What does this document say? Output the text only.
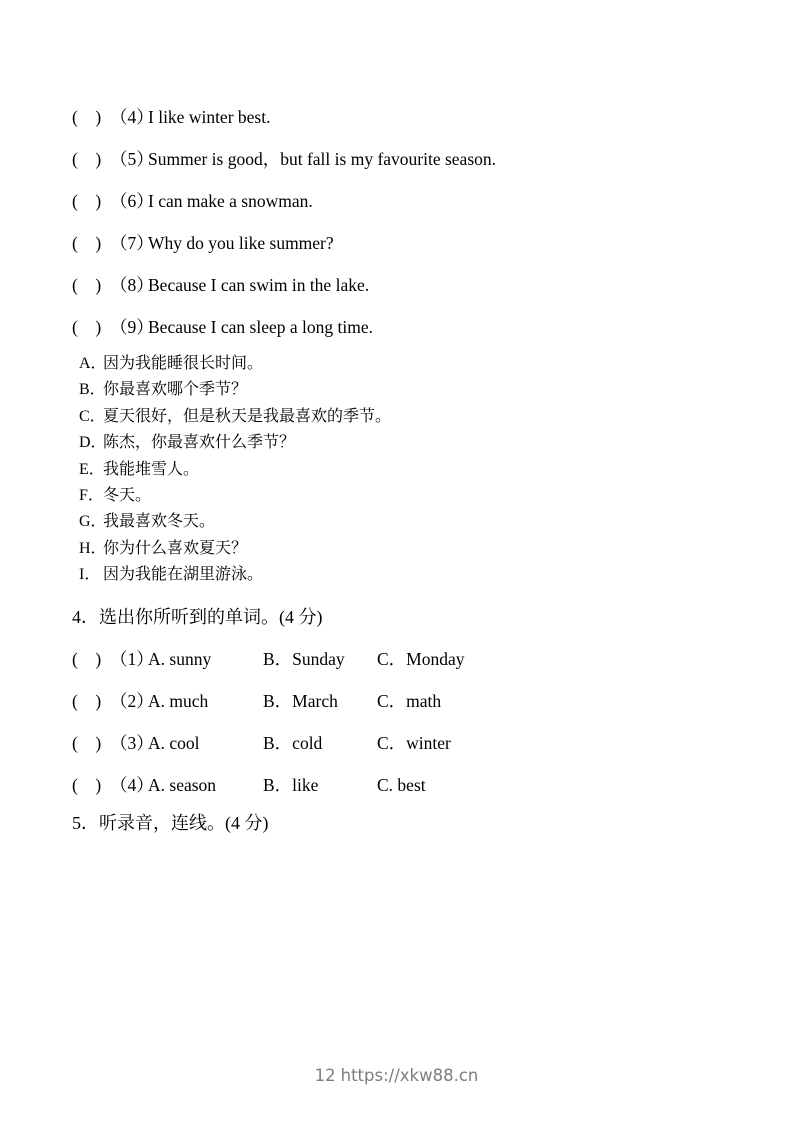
( ) （4）
I like winter best.
( ) （5）
Summer is good，but fall is my favourite season.
( ) （6）
I can make a snowman.
( ) （7）
Why do you like summer?
( ) （8）
Because I can swim in the lake.
( ) （9）
Because I can sleep a long time.
A．因为我能睡很长时间。
B．你最喜欢哪个季节？
C．夏天很好，但是秋天是我最喜欢的季节。
D．陈杰，你最喜欢什么季节？
E．我能堆雪人。
F．冬天。
G．我最喜欢冬天。
H．你为什么喜欢夏天？
I． 因为我能在湖里游泳。
4．选出你所听到的单词。(4 分)
( ) （1）
A. sunny	B．Sunday C．Monday
( ) （2）
A. much	B．March C．math
( ) （3）
A. cool	B．cold	C．winter
( ) （4）
A. season	B．like	C. best
5．听录音，连线。(4 分)
12 https://xkw88.cn
